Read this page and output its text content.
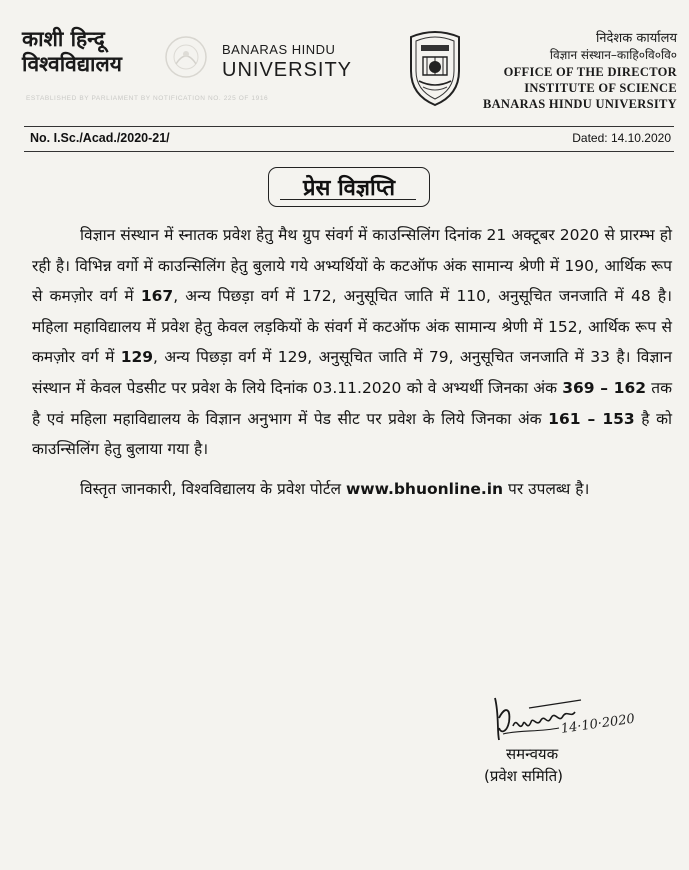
काशी हिन्दू
विश्वविद्यालय
BANARAS HINDU
UNIVERSITY
ESTABLISHED BY PARLIAMENT BY NOTIFICATION NO. 225 OF 1916
निदेशक कार्यालय
विज्ञान संस्थान–काहि०वि०वि०
OFFICE OF THE DIRECTOR
INSTITUTE OF SCIENCE
BANARAS HINDU UNIVERSITY
No. I.Sc./Acad./2020-21/	Dated: 14.10.2020
प्रेस विज्ञप्ति

विज्ञान संस्थान में स्नातक प्रवेश हेतु मैथ ग्रुप संवर्ग में काउन्सिलिंग दिनांक 21 अक्टूबर 2020 से प्रारम्भ हो रही है। विभिन्न वर्गो में काउन्सिलिंग हेतु बुलाये गये अभ्यर्थियों के कटऑफ अंक सामान्य श्रेणी में 190, आर्थिक रूप से कमज़ोर वर्ग में 167, अन्य पिछड़ा वर्ग में 172, अनुसूचित जाति में 110, अनुसूचित जनजाति में 48 है। महिला महाविद्यालय में प्रवेश हेतु केवल लड़कियों के संवर्ग में कटऑफ अंक सामान्य श्रेणी में 152, आर्थिक रूप से कमज़ोर वर्ग में 129, अन्य पिछड़ा वर्ग में 129, अनुसूचित जाति में 79, अनुसूचित जनजाति में 33 है। विज्ञान संस्थान में केवल पेडसीट पर प्रवेश के लिये दिनांक 03.11.2020 को वे अभ्यर्थी जिनका अंक 369 – 162 तक है एवं महिला महाविद्यालय के विज्ञान अनुभाग में पेड सीट पर प्रवेश के लिये जिनका अंक 161 – 153 है को काउन्सिलिंग हेतु बुलाया गया है।

विस्तृत जानकारी, विश्वविद्यालय के प्रवेश पोर्टल www.bhuonline.in पर उपलब्ध है।

14·10·2020
समन्वयक
(प्रवेश समिति)
